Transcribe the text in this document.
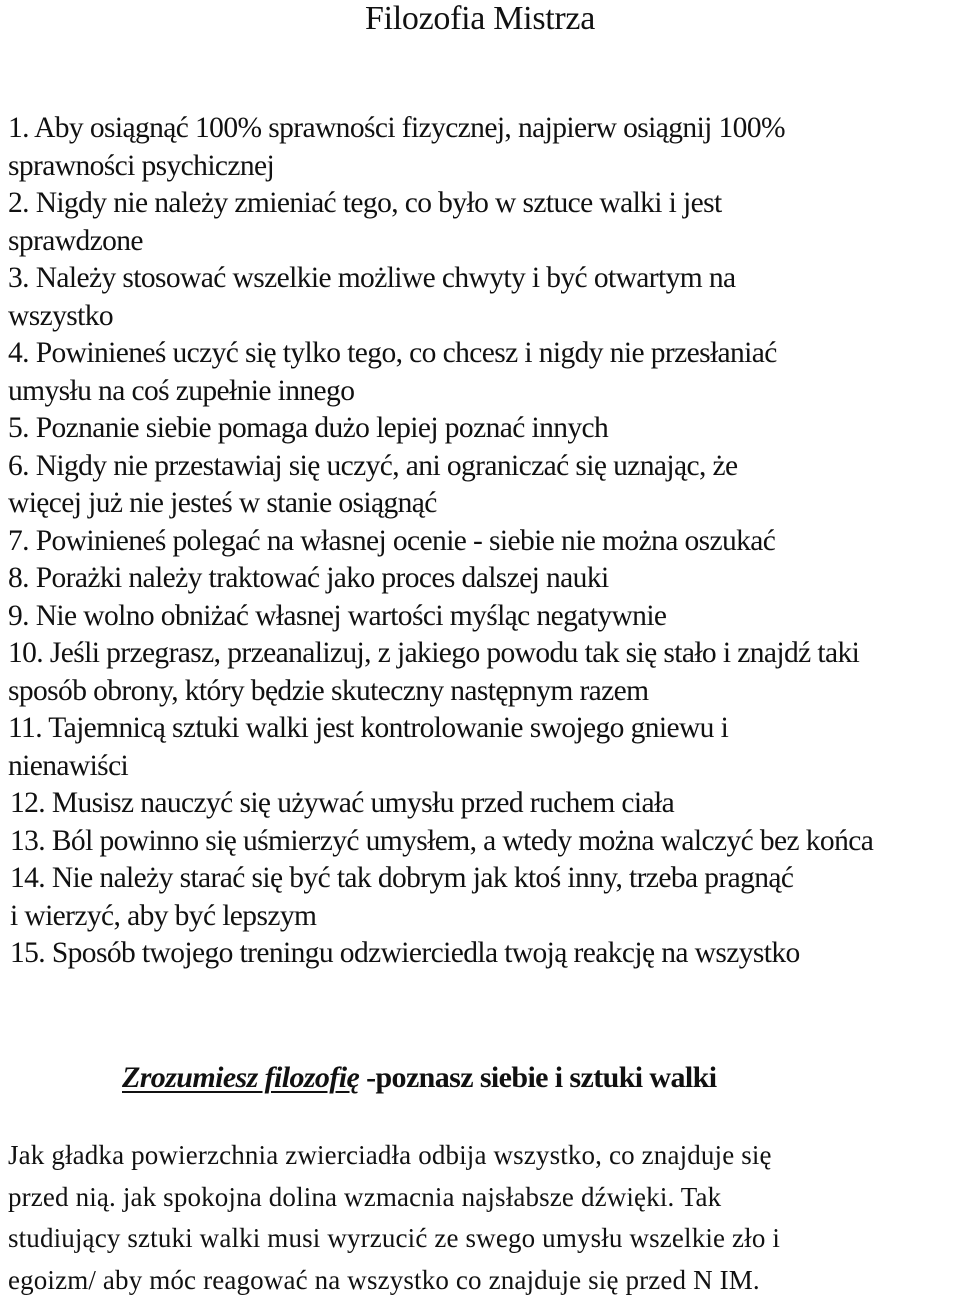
Filozofia Mistrza
1. Aby osiągnąć 100% sprawności fizycznej, najpierw osiągnij 100%
sprawności psychicznej
2. Nigdy nie należy zmieniać tego, co było w sztuce walki i jest
sprawdzone
3. Należy stosować wszelkie możliwe chwyty i być otwartym na
wszystko
4. Powinieneś uczyć się tylko tego, co chcesz i nigdy nie przesłaniać
umysłu na coś zupełnie innego
5. Poznanie siebie pomaga dużo lepiej poznać innych
6. Nigdy nie przestawiaj się uczyć, ani ograniczać się uznając, że
więcej już nie jesteś w stanie osiągnąć
7. Powinieneś polegać na własnej ocenie - siebie nie można oszukać
8. Porażki należy traktować jako proces dalszej nauki
9. Nie wolno obniżać własnej wartości myśląc negatywnie
10. Jeśli przegrasz, przeanalizuj, z jakiego powodu tak się stało i znajdź taki
sposób obrony, który będzie skuteczny następnym razem
11. Tajemnicą sztuki walki jest kontrolowanie swojego gniewu i
nienawiści
12. Musisz nauczyć się używać umysłu przed ruchem ciała
13. Ból powinno się uśmierzyć umysłem, a wtedy można walczyć bez końca
14. Nie należy starać się być tak dobrym jak ktoś inny, trzeba pragnąć
i wierzyć, aby być lepszym
15. Sposób twojego treningu odzwierciedla twoją reakcję na wszystko
Zrozumiesz filozofię -poznasz siebie i sztuki walki
Jak gładka powierzchnia zwierciadła odbija wszystko, co znajduje się
przed nią. jak spokojna dolina wzmacnia najsłabsze dźwięki. Tak
studiujący sztuki walki musi wyrzucić ze swego umysłu wszelkie zło i
egoizm/ aby móc reagować na wszystko co znajduje się przed N IM.
